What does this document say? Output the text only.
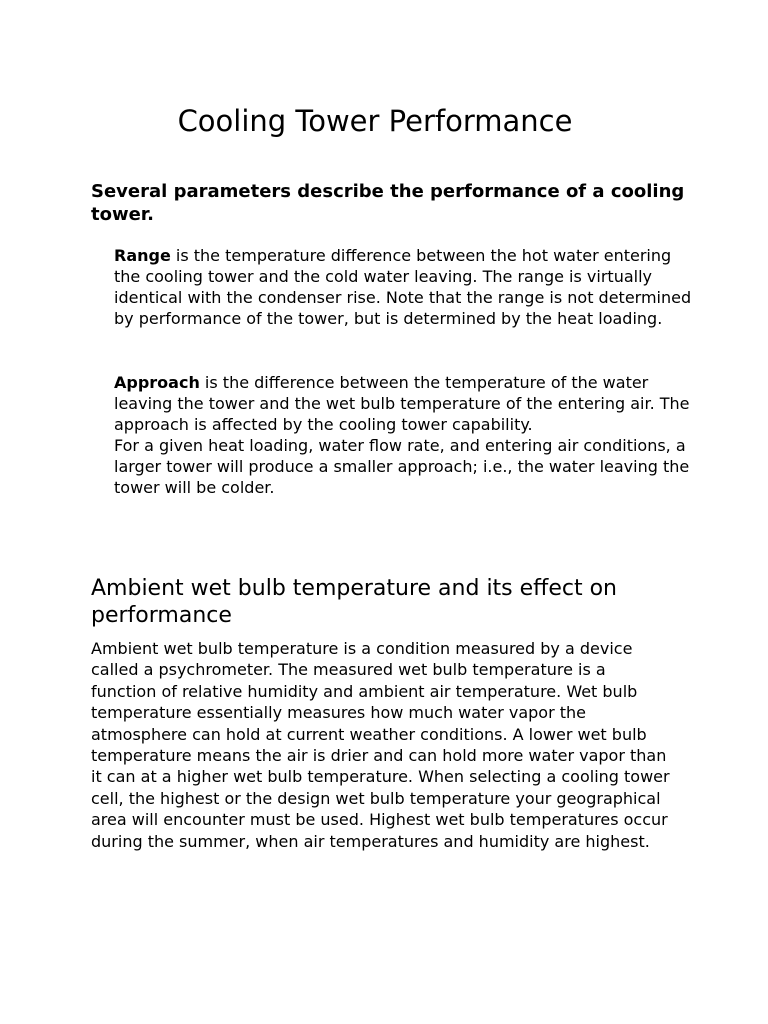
Cooling Tower Performance

Several parameters describe the performance of a cooling tower.

Range is the temperature difference between the hot water entering the cooling tower and the cold water leaving. The range is virtually identical with the condenser rise. Note that the range is not determined by performance of the tower, but is determined by the heat loading.

Approach is the difference between the temperature of the water leaving the tower and the wet bulb temperature of the entering air. The approach is affected by the cooling tower capability.
For a given heat loading, water flow rate, and entering air conditions, a larger tower will produce a smaller approach; i.e., the water leaving the tower will be colder.

Ambient wet bulb temperature and its effect on performance

Ambient wet bulb temperature is a condition measured by a device called a psychrometer. The measured wet bulb temperature is a function of relative humidity and ambient air temperature. Wet bulb temperature essentially measures how much water vapor the atmosphere can hold at current weather conditions. A lower wet bulb temperature means the air is drier and can hold more water vapor than it can at a higher wet bulb temperature. When selecting a cooling tower cell, the highest or the design wet bulb temperature your geographical area will encounter must be used. Highest wet bulb temperatures occur during the summer, when air temperatures and humidity are highest.
